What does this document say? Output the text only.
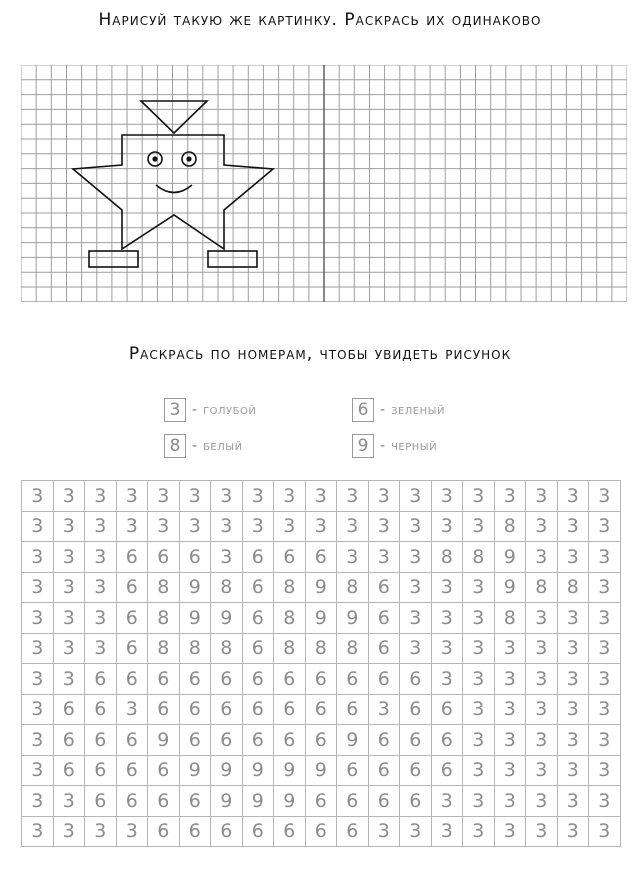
Нарисуй такую же картинку. Раскрась их одинаково
Раскрась по номерам, чтобы увидеть рисунок
3 - голубой	6 - зеленый
8 - белый	9 - черный
3	3	3	3	3	3	3	3	3	3	3	3	3	3	3	3	3	3	3
3	3	3	3	3	3	3	3	3	3	3	3	3	3	3	8	3	3	3
3	3	3	6	6	6	3	6	6	6	3	3	3	8	8	9	3	3	3
3	3	3	6	8	9	8	6	8	9	8	6	3	3	3	9	8	8	3
3	3	3	6	8	9	9	6	8	9	9	6	3	3	3	8	3	3	3
3	3	3	6	8	8	8	6	8	8	8	6	3	3	3	3	3	3	3
3	3	6	6	6	6	6	6	6	6	6	6	6	3	3	3	3	3	3
3	6	6	3	6	6	6	6	6	6	6	3	6	6	3	3	3	3	3
3	6	6	6	9	6	6	6	6	6	9	6	6	6	3	3	3	3	3
3	6	6	6	6	9	9	9	9	9	6	6	6	6	3	3	3	3	3
3	3	6	6	6	6	9	9	9	6	6	6	6	3	3	3	3	3	3
3	3	3	3	6	6	6	6	6	6	6	3	3	3	3	3	3	3	3
